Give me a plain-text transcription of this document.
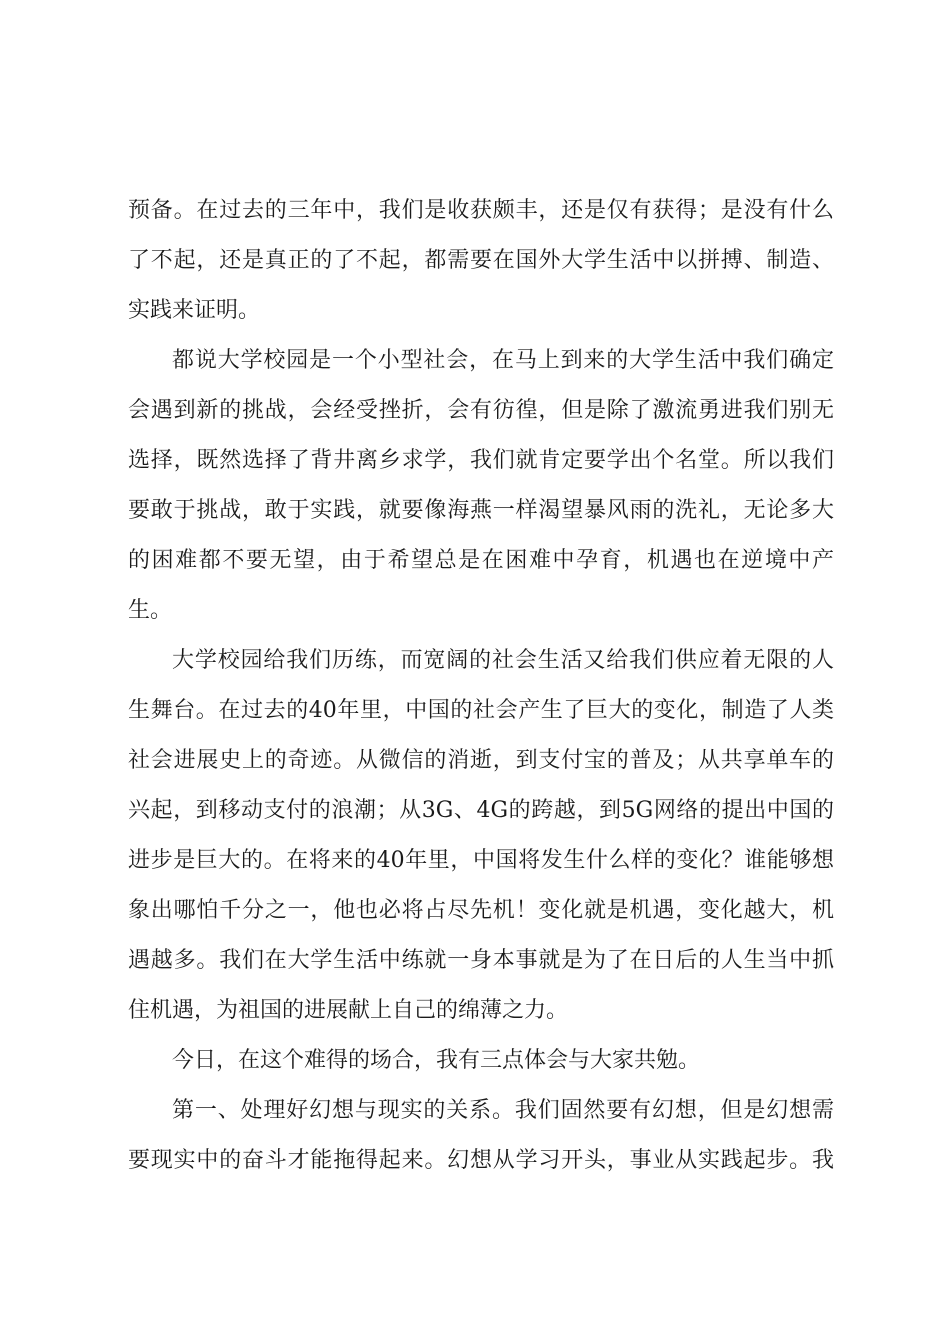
预备。在过去的三年中，我们是收获颇丰，还是仅有获得；是没有什么
了不起，还是真正的了不起，都需要在国外大学生活中以拼搏、制造、
实践来证明。
都说大学校园是一个小型社会，在马上到来的大学生活中我们确定
会遇到新的挑战，会经受挫折，会有彷徨，但是除了激流勇进我们别无
选择，既然选择了背井离乡求学，我们就肯定要学出个名堂。所以我们
要敢于挑战，敢于实践，就要像海燕一样渴望暴风雨的洗礼，无论多大
的困难都不要无望，由于希望总是在困难中孕育，机遇也在逆境中产
生。
大学校园给我们历练，而宽阔的社会生活又给我们供应着无限的人
生舞台。在过去的40年里，中国的社会产生了巨大的变化，制造了人类
社会进展史上的奇迹。从微信的消逝，到支付宝的普及；从共享单车的
兴起，到移动支付的浪潮；从3G、4G的跨越，到5G网络的提出中国的
进步是巨大的。在将来的40年里，中国将发生什么样的变化？谁能够想
象出哪怕千分之一，他也必将占尽先机！变化就是机遇，变化越大，机
遇越多。我们在大学生活中练就一身本事就是为了在日后的人生当中抓
住机遇，为祖国的进展献上自己的绵薄之力。
今日，在这个难得的场合，我有三点体会与大家共勉。
第一、处理好幻想与现实的关系。我们固然要有幻想，但是幻想需
要现实中的奋斗才能拖得起来。幻想从学习开头，事业从实践起步。我
